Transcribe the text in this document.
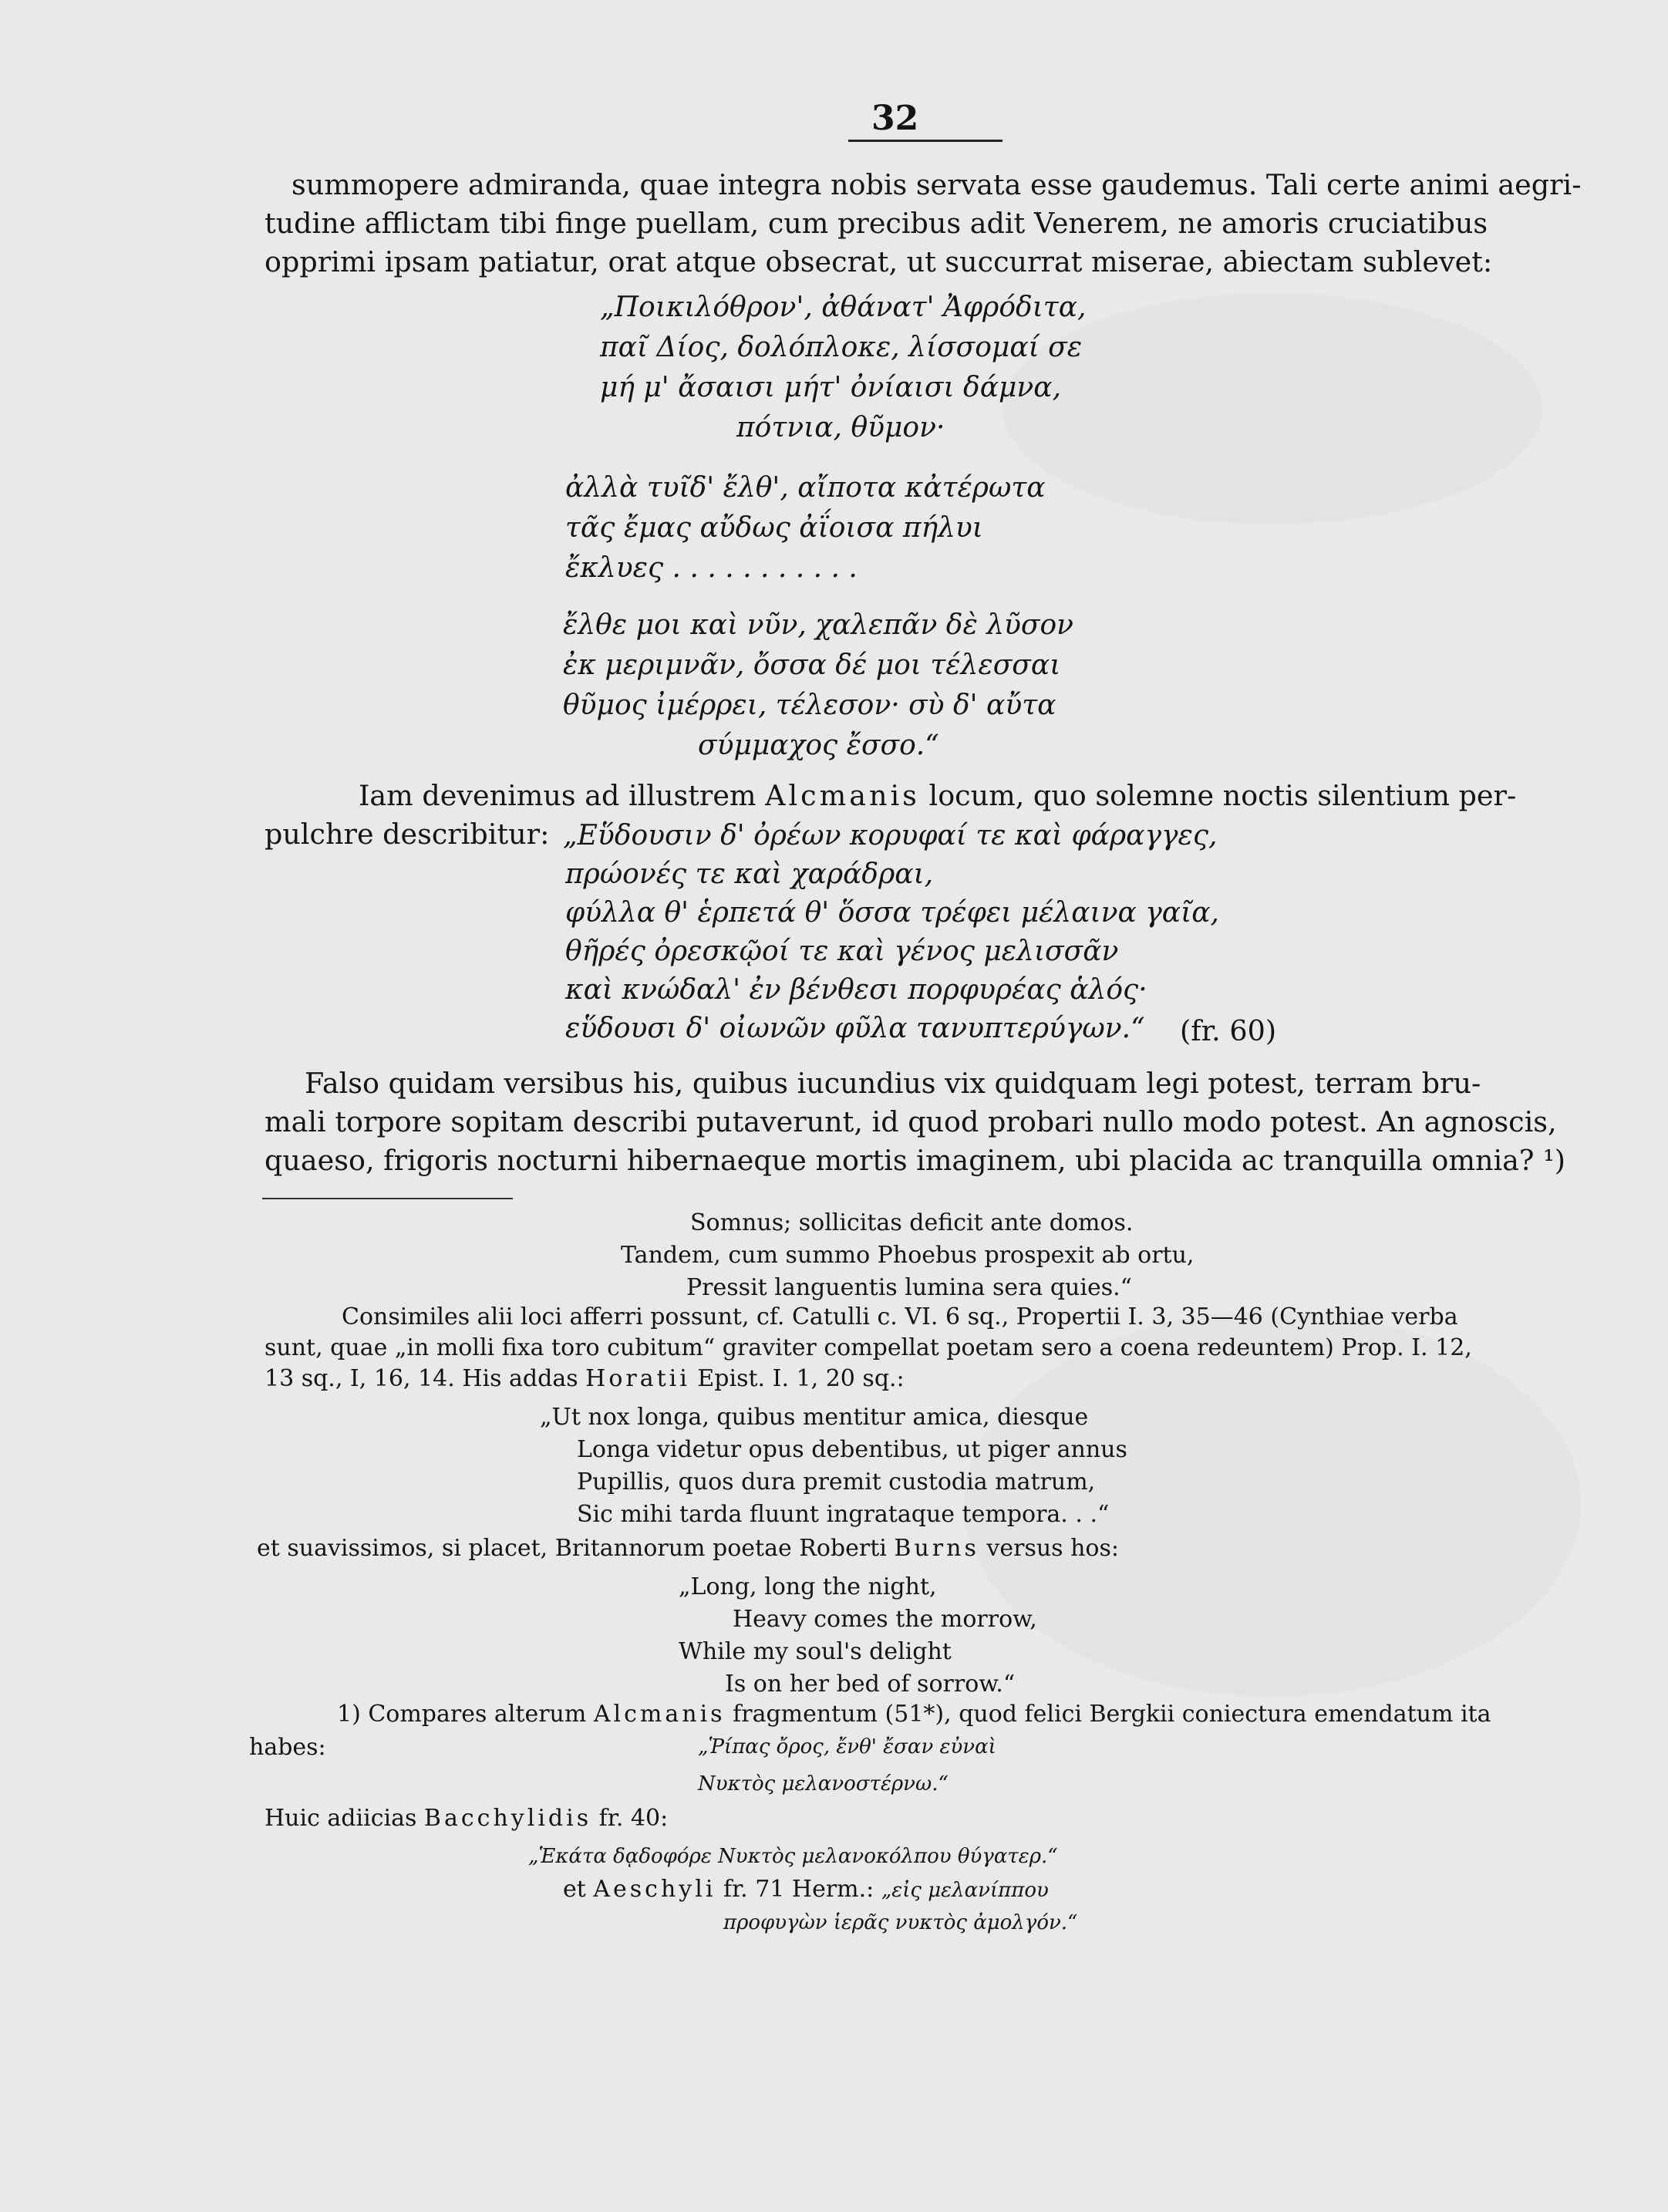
32
summopere admiranda, quae integra nobis servata esse gaudemus. Tali certe animi aegri-
tudine afflictam tibi finge puellam, cum precibus adit Venerem, ne amoris cruciatibus
opprimi ipsam patiatur, orat atque obsecrat, ut succurrat miserae, abiectam sublevet:
„Ποικιλόθρον', ἀθάνατ' Ἀφρόδιτα,
παῖ Δίος, δολόπλοκε, λίσσομαί σε
μή μ' ἄσαισι μήτ' ὀνίαισι δάμνα,
πότνια, θῦμον·
ἀλλὰ τυῖδ' ἔλθ', αἴποτα κἀτέρωτα
τᾶς ἔμας αὔδως ἀΐοισα πήλυι
ἔκλυες . . . . . . . . . . .
ἔλθε μοι καὶ νῦν, χαλεπᾶν δὲ λῦσον
ἐκ μεριμνᾶν, ὄσσα δέ μοι τέλεσσαι
θῦμος ἰμέρρει, τέλεσον· σὺ δ' αὔτα
σύμμαχος ἔσσο.“
Iam devenimus ad illustrem Alcmanis locum, quo solemne noctis silentium per-
pulchre describitur: „Εὕδουσιν δ' ὀρέων κορυφαί τε καὶ φάραγγες,
πρώονές τε καὶ χαράδραι,
φύλλα θ' ἑρπετά θ' ὅσσα τρέφει μέλαινα γαῖα,
θῆρές ὀρεσκῷοί τε καὶ γένος μελισσᾶν
καὶ κνώδαλ' ἐν βένθεσι πορφυρέας ἁλός·
εὕδουσι δ' οἰωνῶν φῦλα τανυπτερύγων.“ (fr. 60)
Falso quidam versibus his, quibus iucundius vix quidquam legi potest, terram bru-
mali torpore sopitam describi putaverunt, id quod probari nullo modo potest. An agnoscis,
quaeso, frigoris nocturni hibernaeque mortis imaginem, ubi placida ac tranquilla omnia? ¹)
Somnus; sollicitas deficit ante domos.
Tandem, cum summo Phoebus prospexit ab ortu,
Pressit languentis lumina sera quies.“
Consimiles alii loci afferri possunt, cf. Catulli c. VI. 6 sq., Propertii I. 3, 35—46 (Cynthiae verba
sunt, quae „in molli fixa toro cubitum“ graviter compellat poetam sero a coena redeuntem) Prop. I. 12,
13 sq., I, 16, 14. His addas Horatii Epist. I. 1, 20 sq.:
„Ut nox longa, quibus mentitur amica, diesque
Longa videtur opus debentibus, ut piger annus
Pupillis, quos dura premit custodia matrum,
Sic mihi tarda fluunt ingrataque tempora. . .“
et suavissimos, si placet, Britannorum poetae Roberti Burns versus hos:
„Long, long the night,
Heavy comes the morrow,
While my soul's delight
Is on her bed of sorrow.“
1) Compares alterum Alcmanis fragmentum (51*), quod felici Bergkii coniectura emendatum ita
habes:	„Ῥίπας ὄρος, ἔνθ' ἔσαν εὐναὶ
Νυκτὸς μελανοστέρνω.“
Huic adiicias Bacchylidis fr. 40:
„Ἑκάτα δᾳδοφόρε Νυκτὸς μελανοκόλπου θύγατερ.“
et Aeschyli fr. 71 Herm.: „εἰς μελανίππου
προφυγὼν ἱερᾶς νυκτὸς ἀμολγόν.“
